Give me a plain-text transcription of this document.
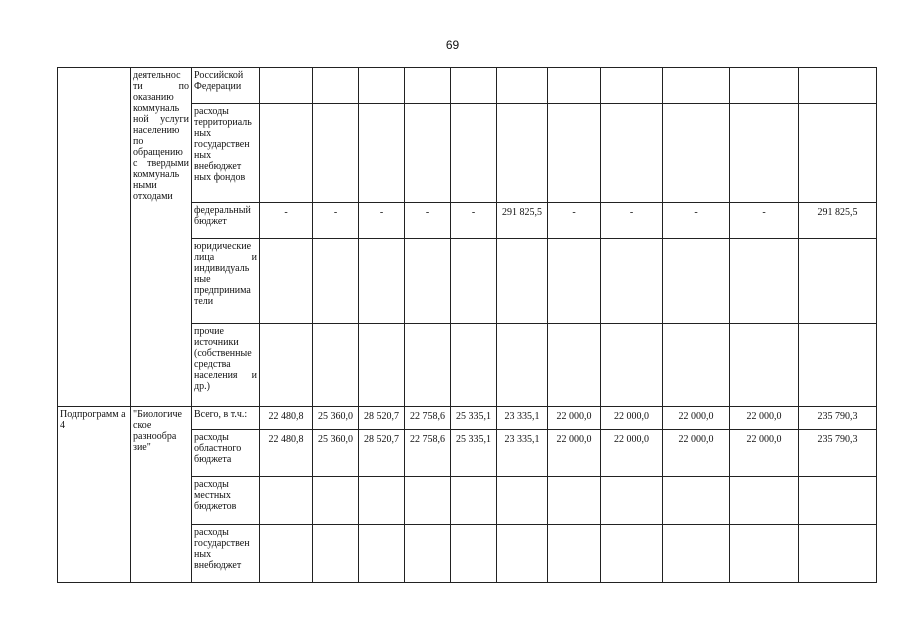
69
	деятельнос ти по оказанию коммуналь ной услуги населению по обращению с твердыми коммуналь ными отходами	Российской Федерации											
		расходы территориаль ных государствен ных внебюджет ных фондов											
		федеральный бюджет	-	-	-	-	-	291 825,5	-	-	-	-	291 825,5
		юридические лица и индивидуаль ные предпринима тели											
		прочие источники (собственные средства населения и др.)											
Подпрограмм а 4	"Биологиче ское разнообра зие"	Всего, в т.ч.:	22 480,8	25 360,0	28 520,7	22 758,6	25 335,1	23 335,1	22 000,0	22 000,0	22 000,0	22 000,0	235 790,3
		расходы областного бюджета	22 480,8	25 360,0	28 520,7	22 758,6	25 335,1	23 335,1	22 000,0	22 000,0	22 000,0	22 000,0	235 790,3
		расходы местных бюджетов											
		расходы государствен ных внебюджет											
